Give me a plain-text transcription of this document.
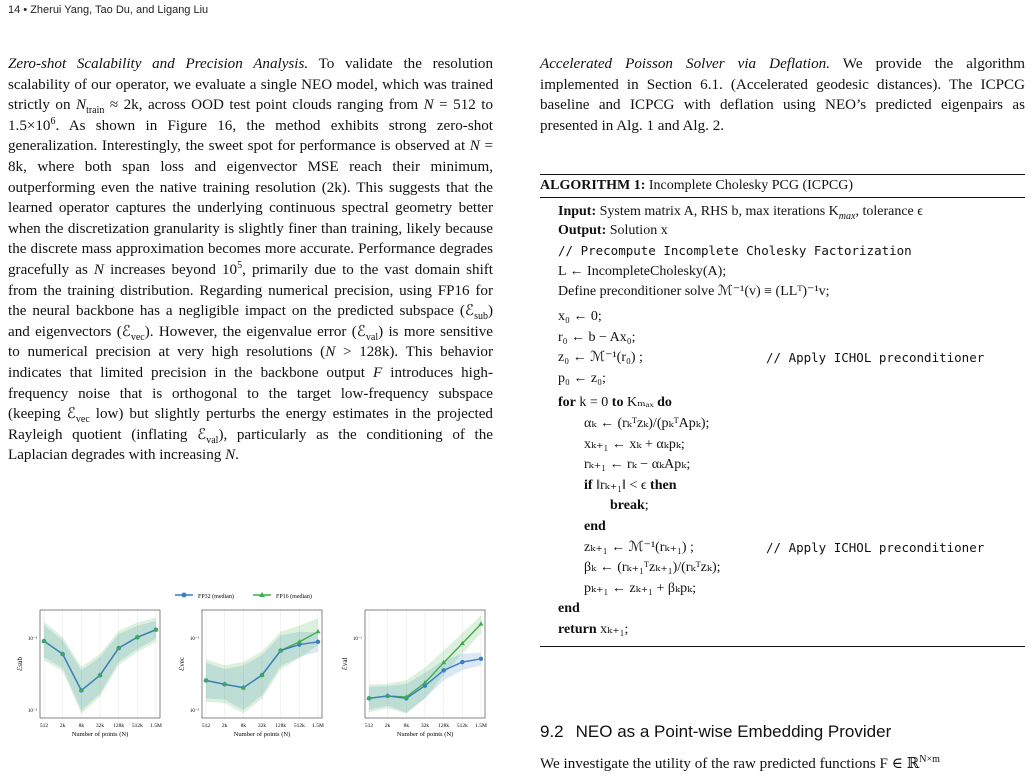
14 • Zherui Yang, Tao Du, and Ligang Liu

Zero-shot Scalability and Precision Analysis. To validate the resolution scalability of our operator, we evaluate a single NEO model, which was trained strictly on $N_{train} \approx 2k$, across OOD test point clouds ranging from N = 512 to $1.5\times 10^6$. As shown in Figure 16, the method exhibits strong zero-shot generalization. Interestingly, the sweet spot for performance is observed at N = 8k, where both span loss and eigenvector MSE reach their minimum, outperforming even the native training resolution (2k). This suggests that the learned operator captures the underlying continuous spectral geometry better when the discretization granularity is slightly finer than training, likely because the discrete mass approximation becomes more accurate. Performance degrades gracefully as N increases beyond $10^5$, primarily due to the vast domain shift from the training distribution. Regarding numerical precision, using FP16 for the neural backbone has a negligible impact on the predicted subspace (ℰ$_{sub}$) and eigenvectors (ℰ$_{vec}$). However, the eigenvalue error (ℰ$_{val}$) is more sensitive to numerical precision at very high resolutions (N > 128k). This behavior indicates that limited precision in the backbone output F introduces high-frequency noise that is orthogonal to the target low-frequency subspace (keeping ℰ$_{vec}$ low) but slightly perturbs the energy estimates in the projected Rayleigh quotient (inflating ℰ$_{val}$), particularly as the conditioning of the Laplacian degrades with increasing N.

Accelerated Poisson Solver via Deflation. We provide the algorithm implemented in Section 6.1. (Accelerated geodesic distances). The ICPCG baseline and ICPCG with deflation using NEO’s predicted eigenpairs as presented in Alg. 1 and Alg. 2.

ALGORITHM 1: Incomplete Cholesky PCG (ICPCG)
Input: System matrix A, RHS b, max iterations $K_{max}$, tolerance ϵ
Output: Solution x
// Precompute Incomplete Cholesky Factorization
L ← IncompleteCholesky(A);
Define preconditioner solve ℳ⁻¹(v) ≡ (LLᵀ)⁻¹v;
x₀ ← 0;
r₀ ← b − Ax₀;
z₀ ← ℳ⁻¹(r₀) ;	// Apply ICHOL preconditioner
p₀ ← z₀;
for k = 0 to Kₘₐₓ do
αₖ ← (rₖᵀzₖ)/(pₖᵀApₖ);
xₖ₊₁ ← xₖ + αₖpₖ;
rₖ₊₁ ← rₖ − αₖApₖ;
if ‖rₖ₊₁‖ < ϵ then
break;
end
zₖ₊₁ ← ℳ⁻¹(rₖ₊₁) ;	// Apply ICHOL preconditioner
βₖ ← (rₖ₊₁ᵀzₖ₊₁)/(rₖᵀzₖ);
pₖ₊₁ ← zₖ₊₁ + βₖpₖ;
end
return xₖ₊₁;
9.2 NEO as a Point-wise Embedding Provider
We investigate the utility of the raw predicted functions F ∈ ℝ$^{N\times m}$
FP32 (median)	FP16 (median)
512 2k 8k 32k 128k 512k 1.5M
Number of points (N)
ℰsub
10⁻³
10⁻²
512 2k 8k 32k 128k 512k 1.5M
Number of points (N)
ℰvec
10⁻¹
10⁻²
512 2k 8k 32k 128k 512k 1.5M
Number of points (N)
ℰval
10⁻¹
